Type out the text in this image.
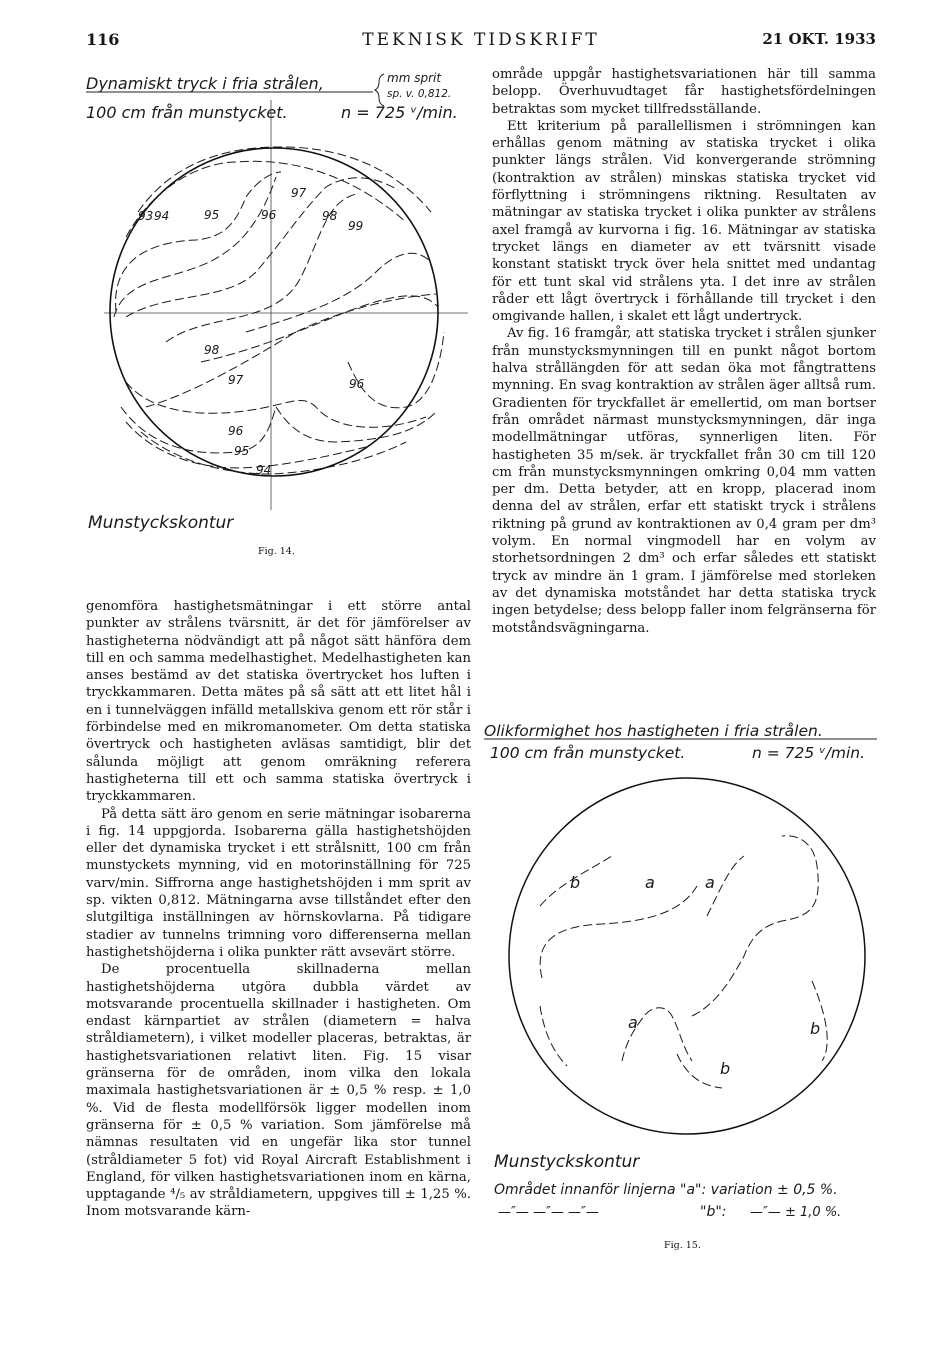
116	TEKNISK TIDSKRIFT	21 OKT. 1933
Dynamiskt tryck i fria strålen,	mm sprit
sp. v. 0,812.
100 cm från munstycket.	n = 725 ᵛ/min.
93 94	95	96
97
98
99
98
97	96
96
95
94
Munstyckskontur
Fig. 14.

genomföra hastighetsmätningar i ett större antal punkter av strålens tvärsnitt, är det för jämförelser av hastigheterna nödvändigt att på något sätt hänföra dem till en och samma medelhastighet. Medelhastigheten kan anses bestämd av det statiska övertrycket hos luften i tryckkammaren. Detta mätes på så sätt att ett litet hål i en i tunnelväggen infälld metallskiva genom ett rör står i förbindelse med en mikromanometer. Om detta statiska övertryck och hastigheten avläsas samtidigt, blir det sålunda möjligt att genom omräkning referera hastigheterna till ett och samma statiska övertryck i tryckkammaren.

På detta sätt äro genom en serie mätningar isobarerna i fig. 14 uppgjorda. Isobarerna gälla hastighetshöjden eller det dynamiska trycket i ett strålsnitt, 100 cm från munstyckets mynning, vid en motorinställning för 725 varv/min. Siffrorna ange hastighetshöjden i mm sprit av sp. vikten 0,812. Mätningarna avse tillståndet efter den slutgiltiga inställningen av hörnskovlarna. På tidigare stadier av tunnelns trimning voro differenserna mellan hastighetshöjderna i olika punkter rätt avsevärt större.

De procentuella skillnaderna mellan hastighetshöjderna utgöra dubbla värdet av motsvarande procentuella skillnader i hastigheten. Om endast kärnpartiet av strålen (diametern = halva stråldiametern), i vilket modeller placeras, betraktas, är hastighetsvariationen relativt liten. Fig. 15 visar gränserna för de områden, inom vilka den lokala maximala hastighetsvariationen är ± 0,5 % resp. ± 1,0 %. Vid de flesta modellförsök ligger modellen inom gränserna för ± 0,5 % variation. Som jämförelse må nämnas resultaten vid en ungefär lika stor tunnel (stråldiameter 5 fot) vid Royal Aircraft Establishment i England, för vilken hastighetsvariationen inom en kärna, upptagande ⁴/₅ av stråldiametern, uppgives till ± 1,25 %. Inom motsvarande kärn-

område uppgår hastighetsvariationen här till samma belopp. Överhuvudtaget får hastighetsfördelningen betraktas som mycket tillfredsställande.

Ett kriterium på parallellismen i strömningen kan erhållas genom mätning av statiska trycket i olika punkter längs strålen. Vid konvergerande strömning (kontraktion av strålen) minskas statiska trycket vid förflyttning i strömningens riktning. Resultaten av mätningar av statiska trycket i olika punkter av strålens axel framgå av kurvorna i fig. 16. Mätningar av statiska trycket längs en diameter av ett tvärsnitt visade konstant statiskt tryck över hela snittet med undantag för ett tunt skal vid strålens yta. I det inre av strålen råder ett lågt övertryck i förhållande till trycket i den omgivande hallen, i skalet ett lågt undertryck.

Av fig. 16 framgår, att statiska trycket i strålen sjunker från munstycksmynningen till en punkt något bortom halva strållängden för att sedan öka mot fångtrattens mynning. En svag kontraktion av strålen äger alltså rum. Gradienten för tryckfallet är emellertid, om man bortser från området närmast munstycksmynningen, där inga modellmätningar utföras, synnerligen liten. För hastigheten 35 m/sek. är tryckfallet från 30 cm till 120 cm från munstycksmynningen omkring 0,04 mm vatten per dm. Detta betyder, att en kropp, placerad inom denna del av strålen, erfar ett statiskt tryck i strålens riktning på grund av kontraktionen av 0,4 gram per dm³ volym. En normal vingmodell har en volym av storhetsordningen 2 dm³ och erfar således ett statiskt tryck av mindre än 1 gram. I jämförelse med storleken av det dynamiska motståndet har detta statiska tryck ingen betydelse; dess belopp faller inom felgränserna för motståndsvägningarna.

Olikformighet hos hastigheten i fria strålen.
100 cm från munstycket.	n = 725 ᵛ/min.
b	a	a
a	b
b
Munstyckskontur
Området innanför linjerna "a": variation ± 0,5 %.
—″— —″— —″—	"b": —″— ± 1,0 %.
Fig. 15.
